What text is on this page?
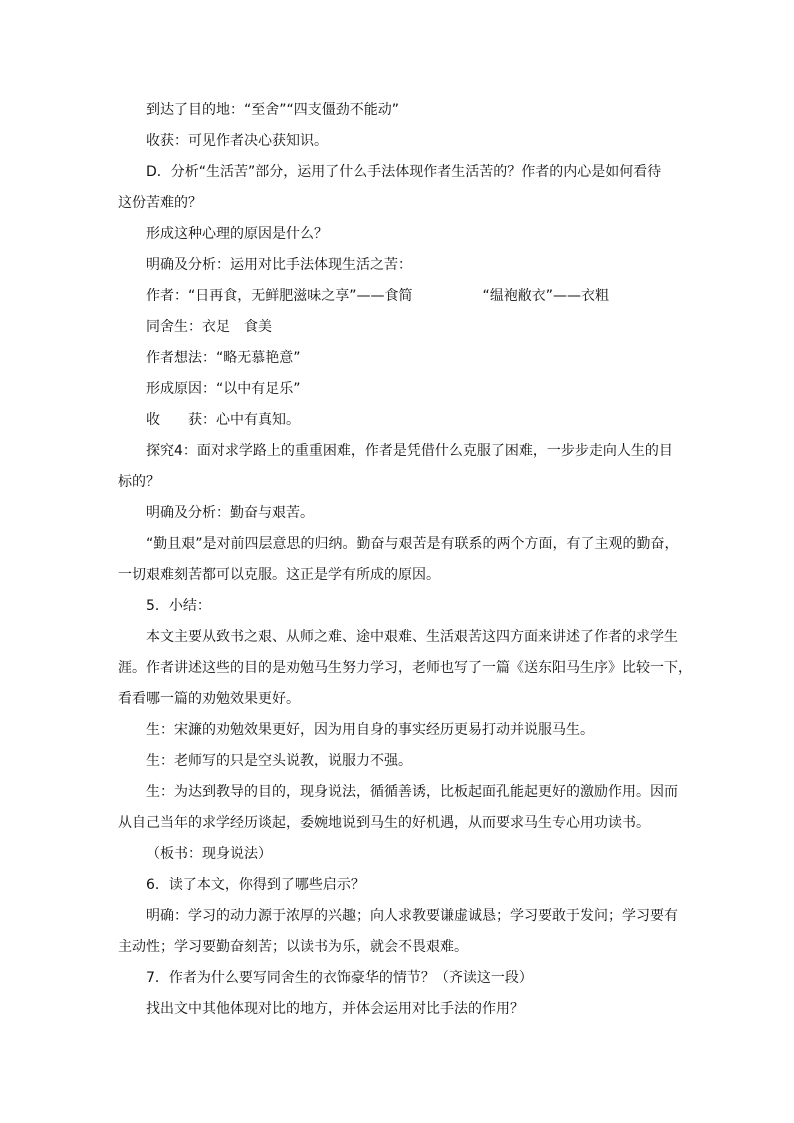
到达了目的地：“至舍”“四支僵劲不能动”
收获：可见作者决心获知识。
D．分析“生活苦”部分，运用了什么手法体现作者生活苦的？作者的内心是如何看待
这份苦难的？
形成这种心理的原因是什么？
明确及分析：运用对比手法体现生活之苦：
作者：“日再食，无鲜肥滋味之享”——食简	“缊袍敝衣”——衣粗
同舍生：衣足　食美
作者想法：“略无慕艳意”
形成原因：“以中有足乐”
收　　获：心中有真知。
探究4：面对求学路上的重重困难，作者是凭借什么克服了困难，一步步走向人生的目
标的？
明确及分析：勤奋与艰苦。
“勤且艰”是对前四层意思的归纳。勤奋与艰苦是有联系的两个方面，有了主观的勤奋，
一切艰难刻苦都可以克服。这正是学有所成的原因。
5．小结：
本文主要从致书之艰、从师之难、途中艰难、生活艰苦这四方面来讲述了作者的求学生
涯。作者讲述这些的目的是劝勉马生努力学习，老师也写了一篇《送东阳马生序》比较一下，
看看哪一篇的劝勉效果更好。
生：宋濂的劝勉效果更好，因为用自身的事实经历更易打动并说服马生。
生：老师写的只是空头说教，说服力不强。
生：为达到教导的目的，现身说法，循循善诱，比板起面孔能起更好的激励作用。因而
从自己当年的求学经历谈起，委婉地说到马生的好机遇，从而要求马生专心用功读书。
（板书：现身说法）
6．读了本文，你得到了哪些启示？
明确：学习的动力源于浓厚的兴趣；向人求教要谦虚诚恳；学习要敢于发问；学习要有
主动性；学习要勤奋刻苦；以读书为乐，就会不畏艰难。
7．作者为什么要写同舍生的衣饰豪华的情节？（齐读这一段）
找出文中其他体现对比的地方，并体会运用对比手法的作用？
